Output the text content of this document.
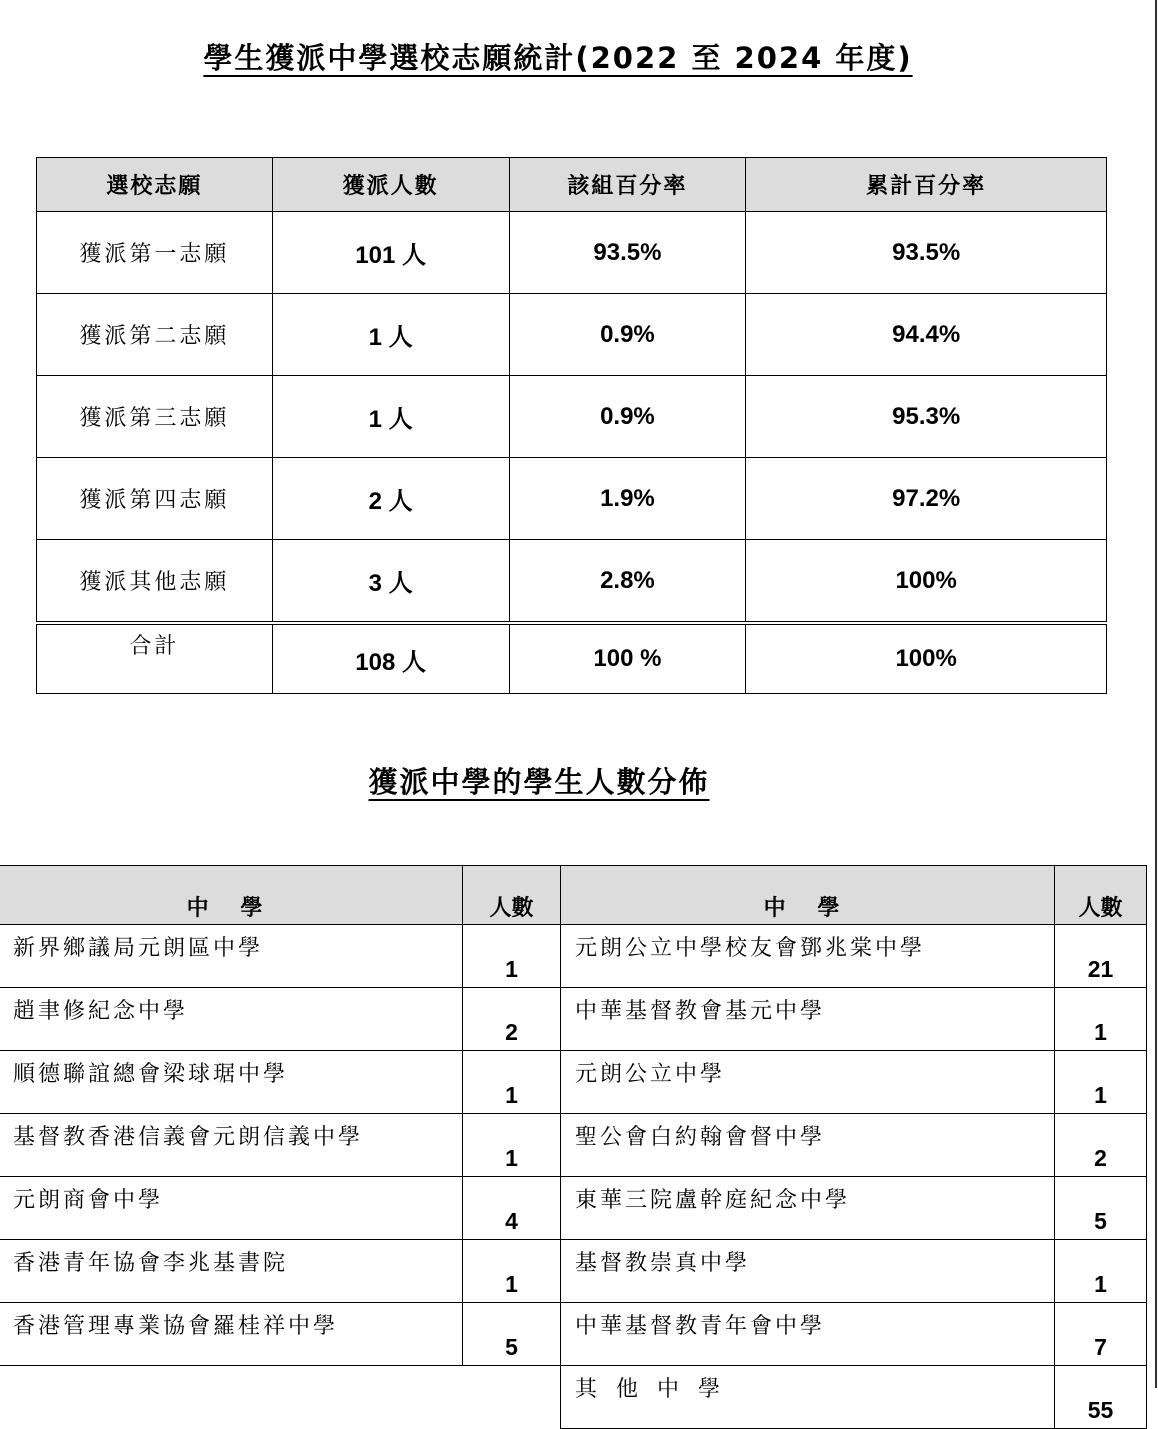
學生獲派中學選校志願統計(2022 至 2024 年度)
選校志願	獲派人數	該組百分率	累計百分率
獲派第一志願	101 人	93.5%	93.5%
獲派第二志願	1 人	0.9%	94.4%
獲派第三志願	1 人	0.9%	95.3%
獲派第四志願	2 人	1.9%	97.2%
獲派其他志願	3 人	2.8%	100%
合計	108 人	100 %	100%
獲派中學的學生人數分佈
中 學	人數	中 學	人數
新界鄉議局元朗區中學	1	元朗公立中學校友會鄧兆棠中學	21
趙聿修紀念中學	2	中華基督教會基元中學	1
順德聯誼總會梁球琚中學	1	元朗公立中學	1
基督教香港信義會元朗信義中學	1	聖公會白約翰會督中學	2
元朗商會中學	4	東華三院盧幹庭紀念中學	5
香港青年協會李兆基書院	1	基督教崇真中學	1
香港管理專業協會羅桂祥中學	5	中華基督教青年會中學	7
		其 他 中 學	55
